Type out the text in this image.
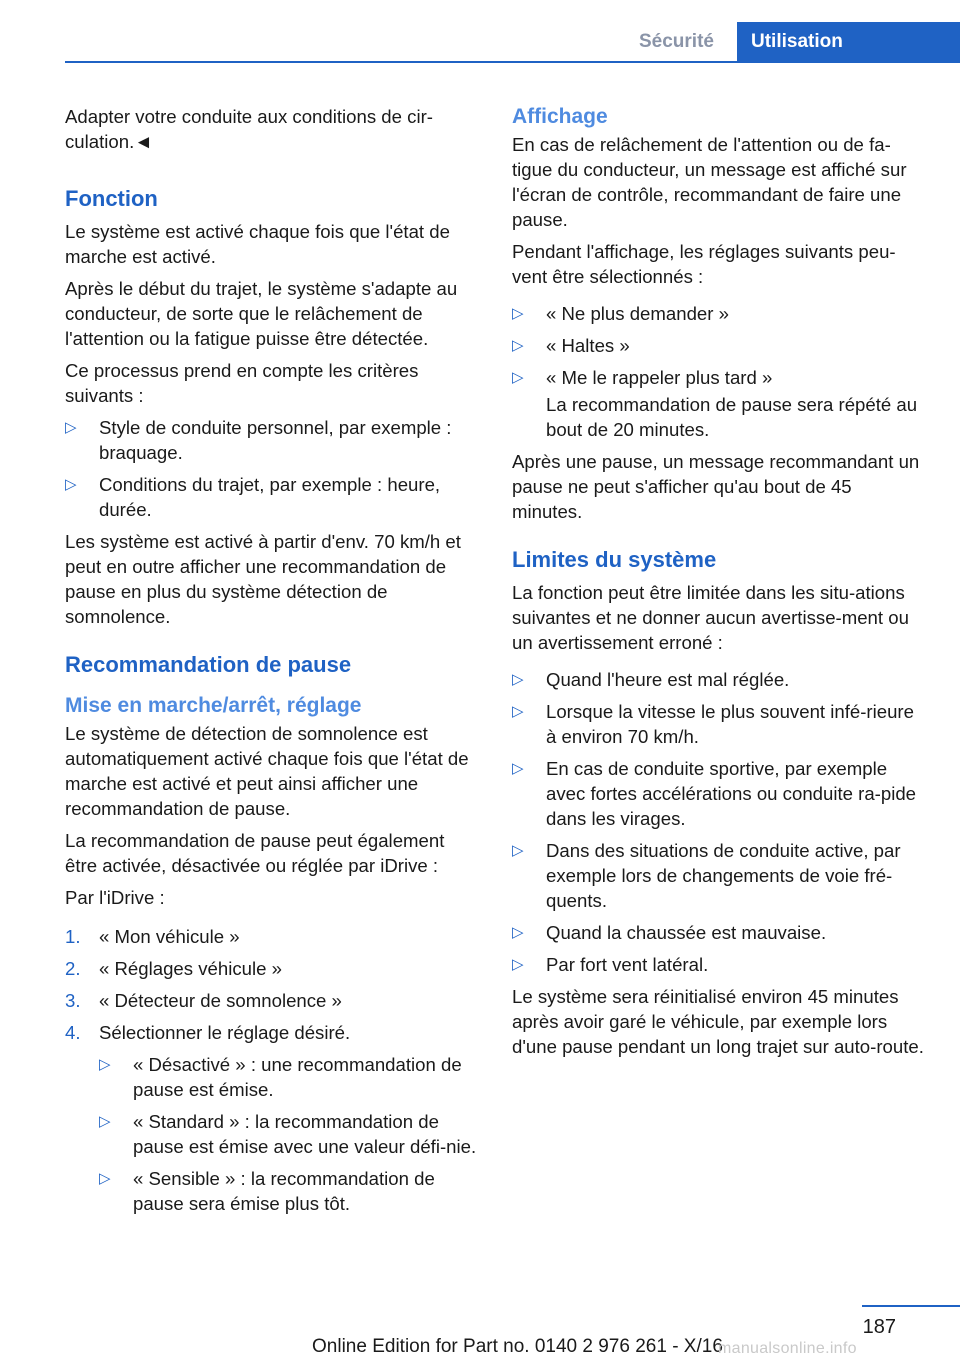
Sécurité	Utilisation

Adapter votre conduite aux conditions de cir-culation.◄

Fonction

Le système est activé chaque fois que l'état de marche est activé.

Après le début du trajet, le système s'adapte au conducteur, de sorte que le relâchement de l'attention ou la fatigue puisse être détectée.

Ce processus prend en compte les critères suivants :

▷ Style de conduite personnel, par exemple : braquage.
▷ Conditions du trajet, par exemple : heure, durée.

Les système est activé à partir d'env. 70 km/h et peut en outre afficher une recommandation de pause en plus du système détection de somnolence.

Recommandation de pause
Mise en marche/arrêt, réglage

Le système de détection de somnolence est automatiquement activé chaque fois que l'état de marche est activé et peut ainsi afficher une recommandation de pause.

La recommandation de pause peut également être activée, désactivée ou réglée par iDrive :

Par l'iDrive :

1. « Mon véhicule »
2. « Réglages véhicule »
3. « Détecteur de somnolence »
4. Sélectionner le réglage désiré.
▷ « Désactivé » : une recommandation de pause est émise.
▷ « Standard » : la recommandation de pause est émise avec une valeur défi-nie.
▷ « Sensible » : la recommandation de pause sera émise plus tôt.
Affichage

En cas de relâchement de l'attention ou de fa-tigue du conducteur, un message est affiché sur l'écran de contrôle, recommandant de faire une pause.

Pendant l'affichage, les réglages suivants peu-vent être sélectionnés :

▷ « Ne plus demander »
▷ « Haltes »
▷ « Me le rappeler plus tard »
La recommandation de pause sera répété au bout de 20 minutes.

Après une pause, un message recommandant un pause ne peut s'afficher qu'au bout de 45 minutes.

Limites du système

La fonction peut être limitée dans les situ-ations suivantes et ne donner aucun avertisse-ment ou un avertissement erroné :

▷ Quand l'heure est mal réglée.
▷ Lorsque la vitesse le plus souvent infé-rieure à environ 70 km/h.
▷ En cas de conduite sportive, par exemple avec fortes accélérations ou conduite ra-pide dans les virages.
▷ Dans des situations de conduite active, par exemple lors de changements de voie fré-quents.
▷ Quand la chaussée est mauvaise.
▷ Par fort vent latéral.

Le système sera réinitialisé environ 45 minutes après avoir garé le véhicule, par exemple lors d'une pause pendant un long trajet sur auto-route.

187
Online Edition for Part no. 0140 2 976 261 - X/16
manualsonline.info
